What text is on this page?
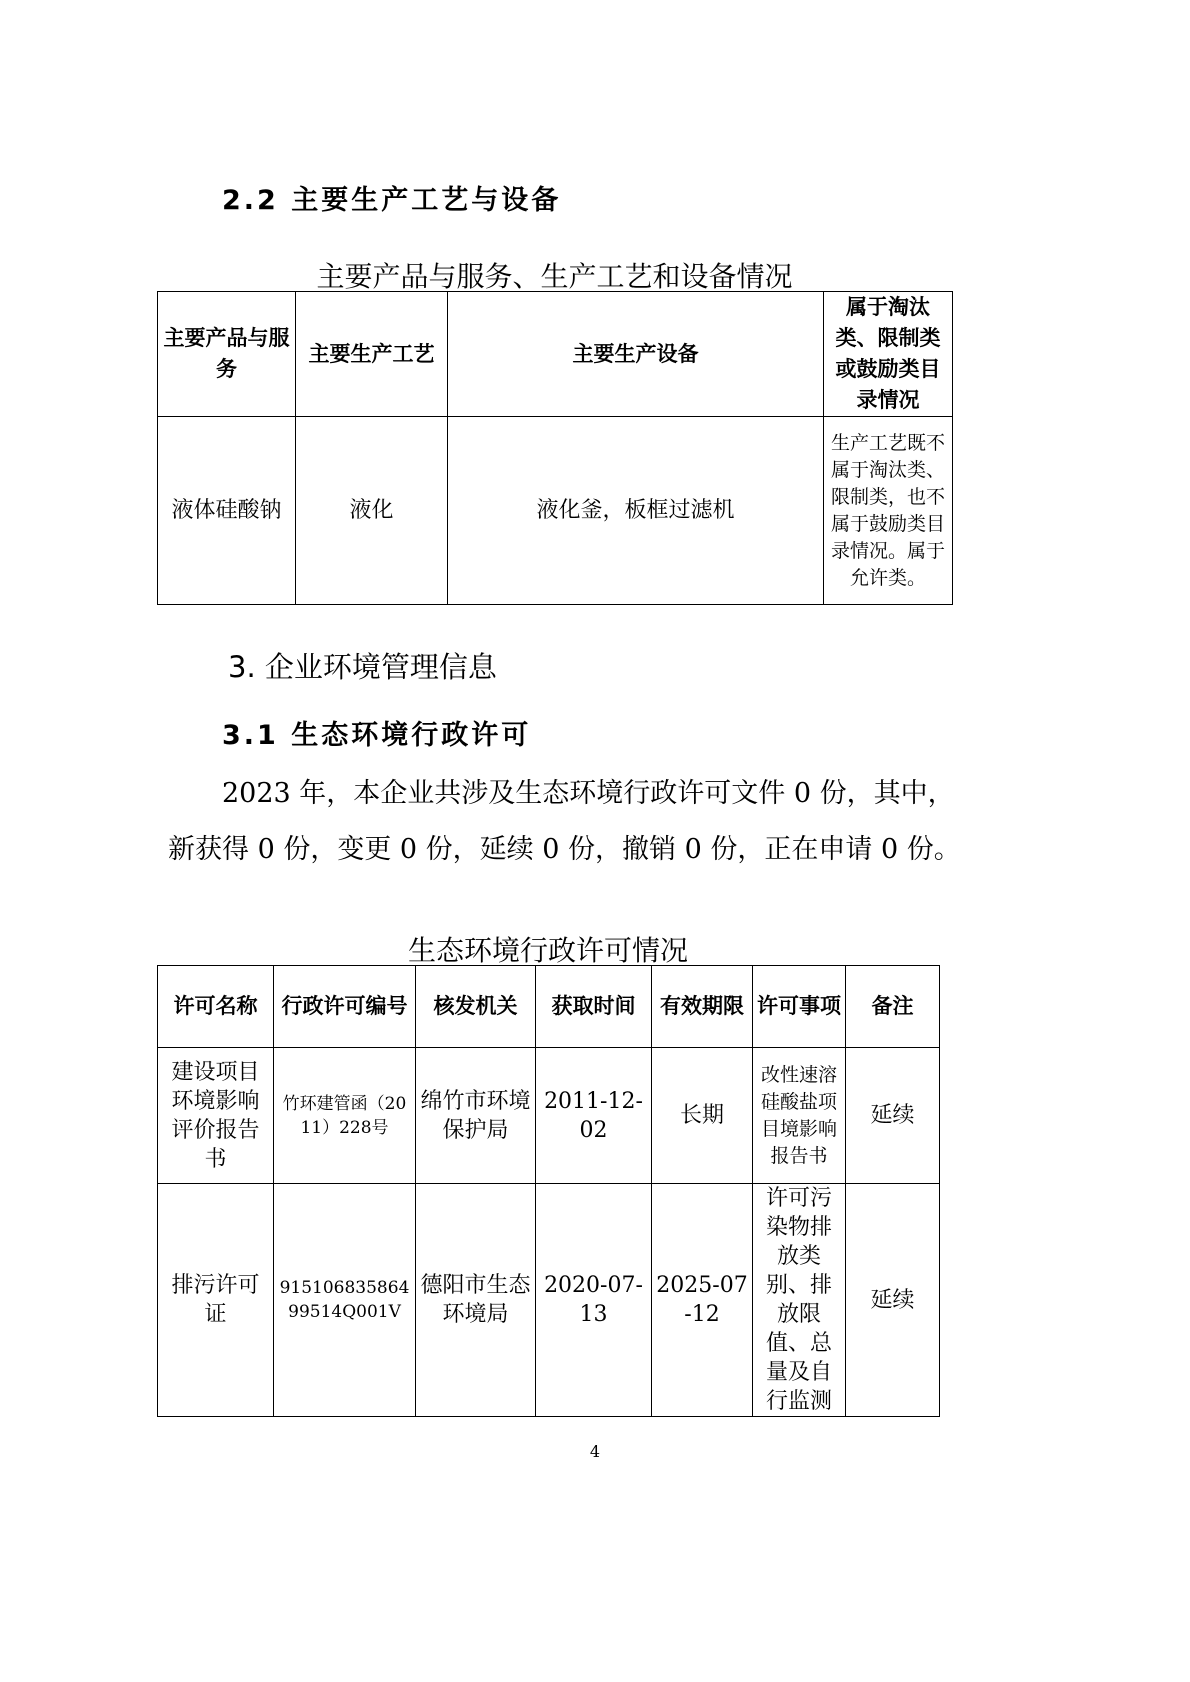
2.2 主要生产工艺与设备
主要产品与服务、生产工艺和设备情况
主要产品与服务	主要生产工艺	主要生产设备	属于淘汰类、限制类或鼓励类目录情况
液体硅酸钠	液化	液化釜，板框过滤机	生产工艺既不属于淘汰类、限制类，也不属于鼓励类目录情况。属于允许类。
3. 企业环境管理信息
3.1 生态环境行政许可
2023 年，本企业共涉及生态环境行政许可文件 0 份，其中，
新获得 0 份，变更 0 份，延续 0 份，撤销 0 份，正在申请 0 份。
生态环境行政许可情况
许可名称	行政许可编号	核发机关	获取时间	有效期限	许可事项	备注
建设项目环境影响评价报告书	竹环建管函（2011）228号	绵竹市环境保护局	2011-12-02	长期	改性速溶硅酸盐项目境影响报告书	延续
排污许可证	91510683586499514Q001V	德阳市生态环境局	2020-07-13	2025-07-12	许可污染物排放类别、排放限值、总量及自行监测	延续
4
